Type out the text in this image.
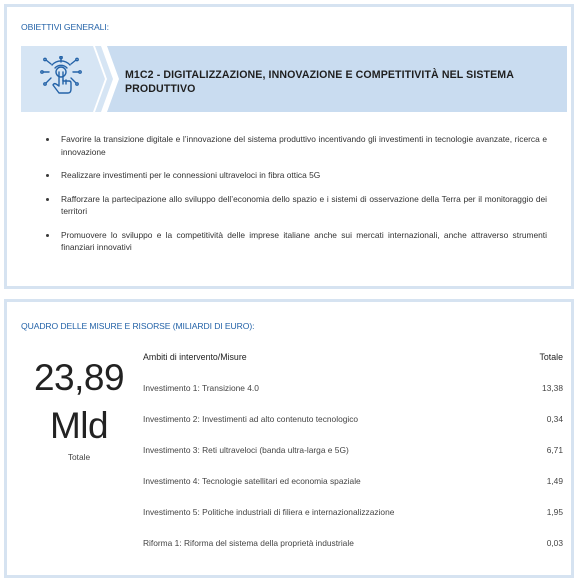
OBIETTIVI GENERALI:
M1C2 - DIGITALIZZAZIONE, INNOVAZIONE E COMPETITIVITÀ NEL SISTEMA PRODUTTIVO
Favorire la transizione digitale e l’innovazione del sistema produttivo incentivando gli investimenti in tecnologie avanzate, ricerca e innovazione
Realizzare investimenti per le connessioni ultraveloci in fibra ottica 5G
Rafforzare la partecipazione allo sviluppo dell’economia dello spazio e i sistemi di osservazione della Terra per il monitoraggio dei territori
Promuovere lo sviluppo e la competitività delle imprese italiane anche sui mercati internazionali, anche attraverso strumenti finanziari innovativi
QUADRO DELLE MISURE E RISORSE (MILIARDI DI EURO):
23,89
Mld
Totale
Ambiti di intervento/Misure	Totale
Investimento 1: Transizione 4.0	13,38
Investimento 2: Investimenti ad alto contenuto tecnologico	0,34
Investimento 3: Reti ultraveloci (banda ultra-larga e 5G)	6,71
Investimento 4: Tecnologie satellitari ed economia spaziale	1,49
Investimento 5: Politiche industriali di filiera e internazionalizzazione	1,95
Riforma 1: Riforma del sistema della proprietà industriale	0,03
